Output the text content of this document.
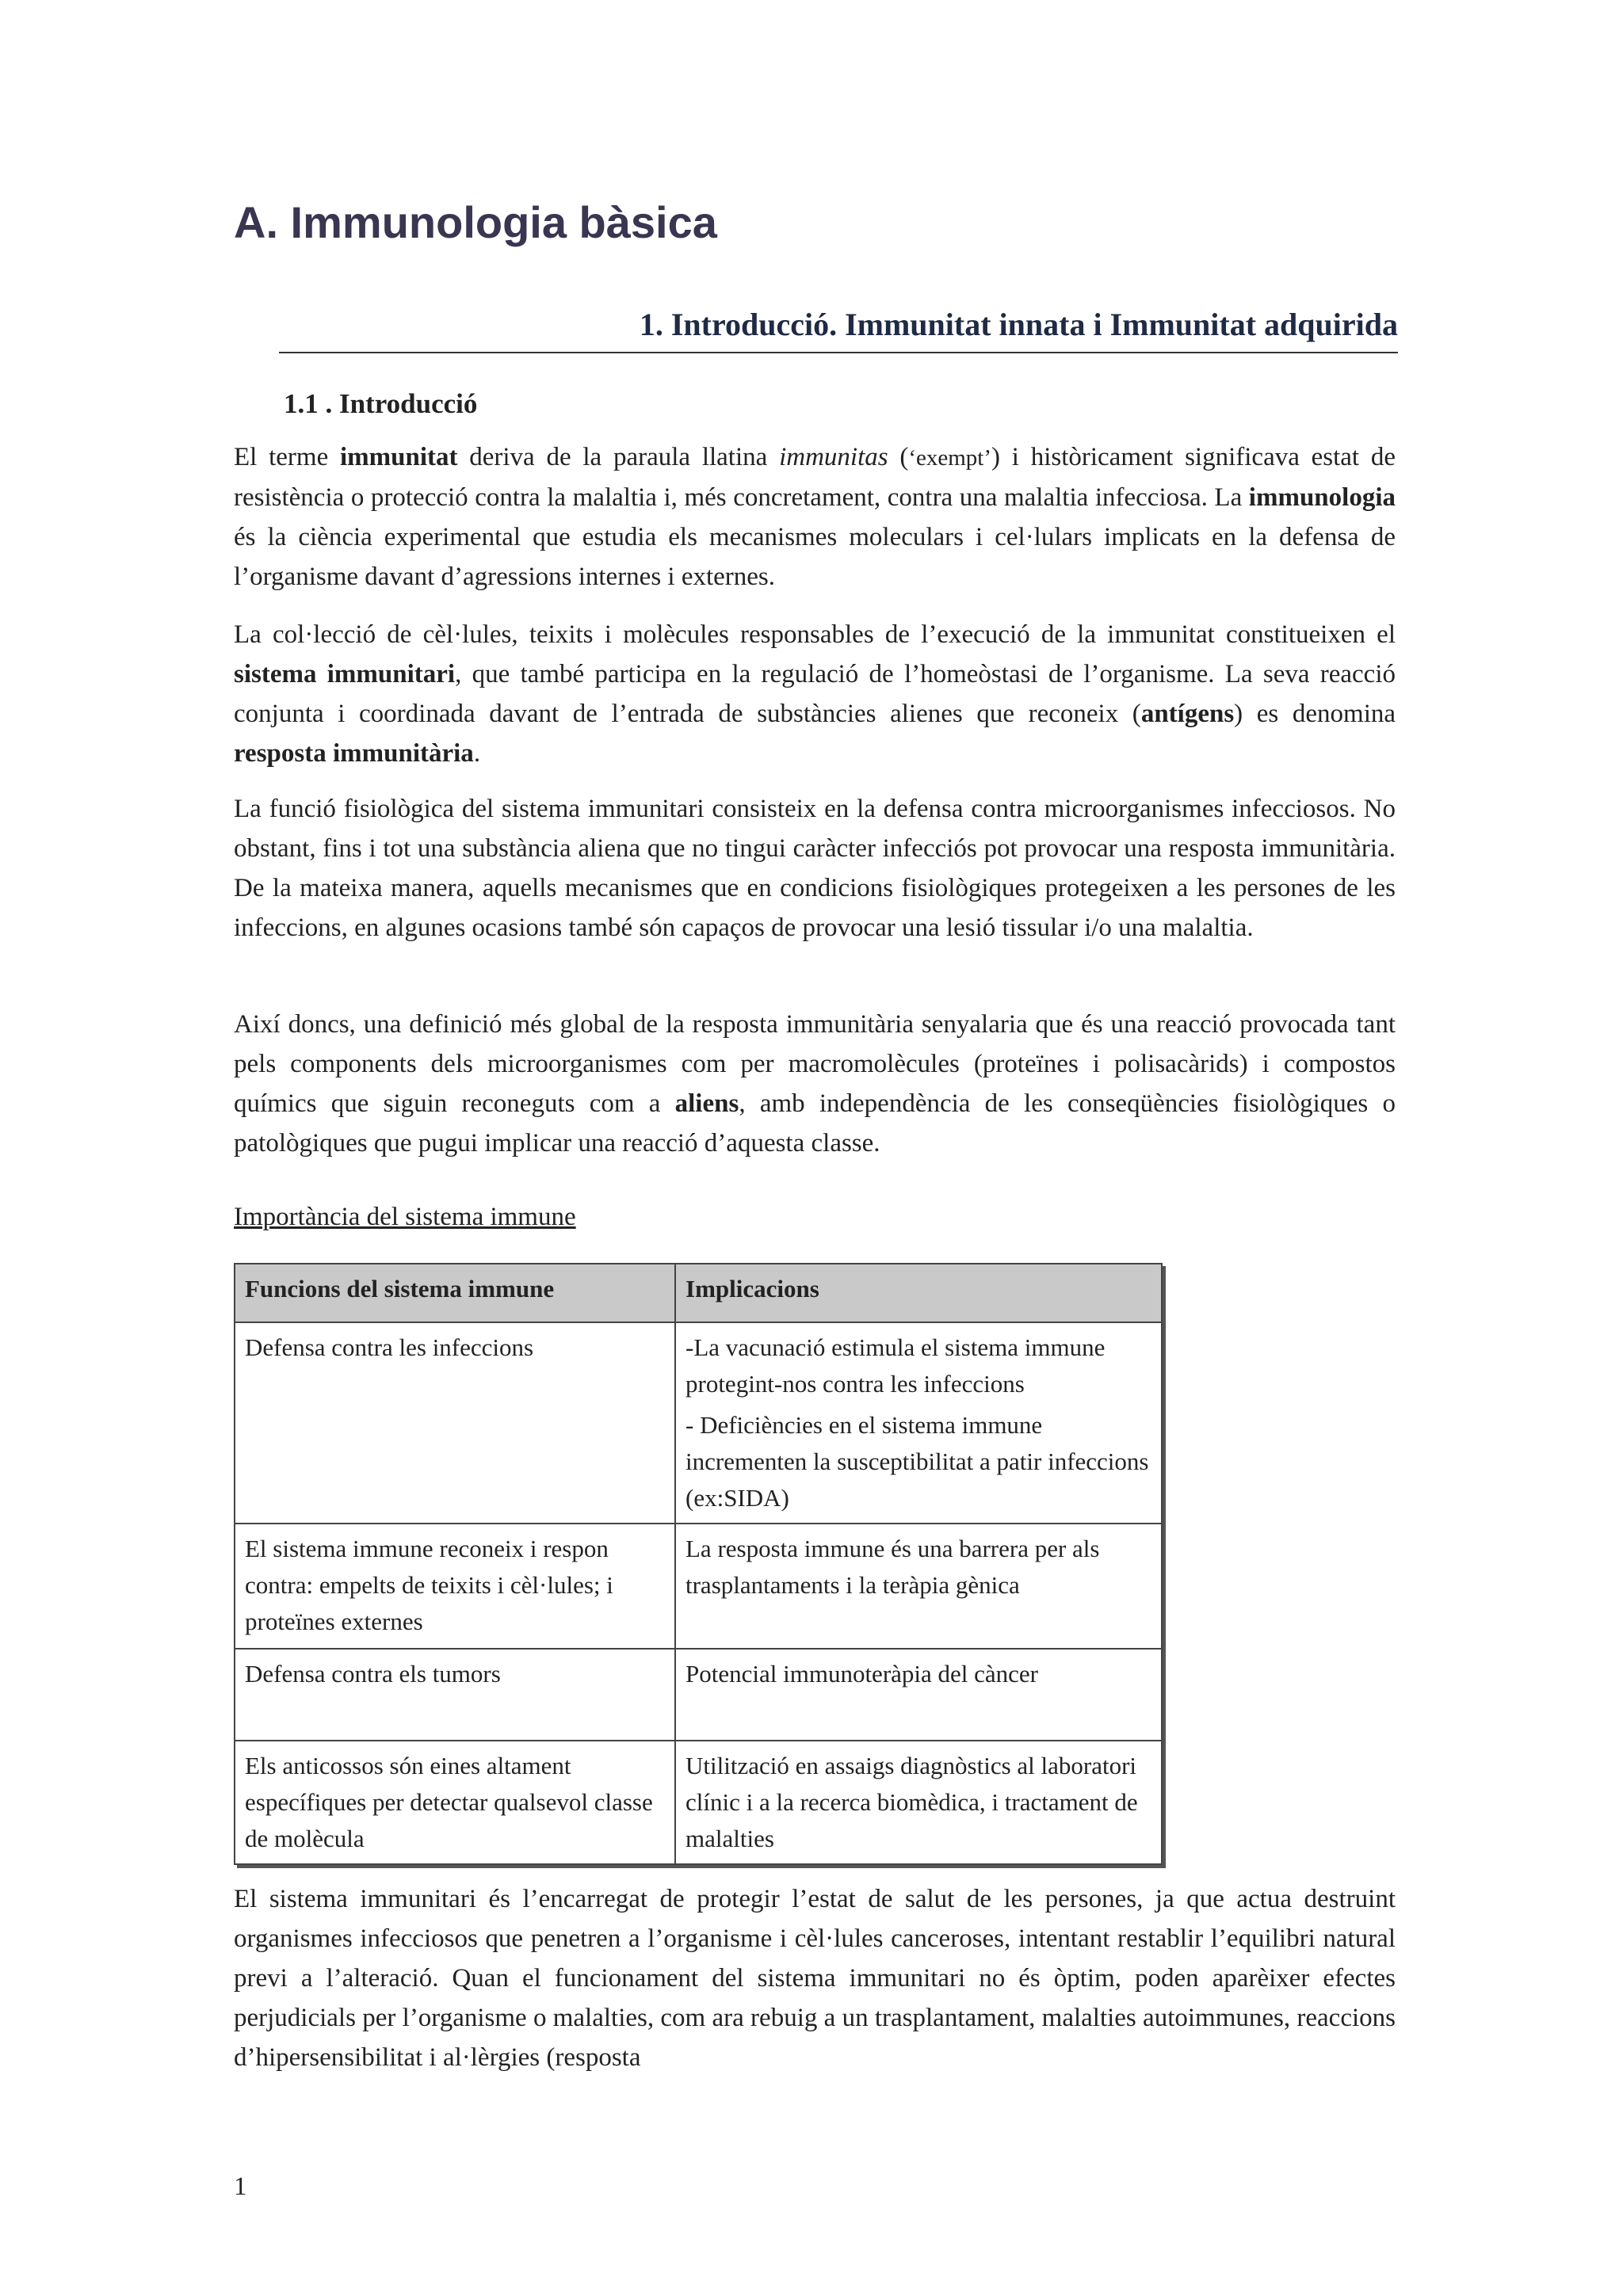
A. Immunologia bàsica
1. Introducció. Immunitat innata i Immunitat adquirida
1.1 . Introducció

El terme immunitat deriva de la paraula llatina immunitas (‘exempt’) i històricament significava estat de resistència o protecció contra la malaltia i, més concretament, contra una malaltia infecciosa. La immunologia és la ciència experimental que estudia els mecanismes moleculars i cel·lulars implicats en la defensa de l’organisme davant d’agressions internes i externes.

La col·lecció de cèl·lules, teixits i molècules responsables de l’execució de la immunitat constitueixen el sistema immunitari, que també participa en la regulació de l’homeòstasi de l’organisme. La seva reacció conjunta i coordinada davant de l’entrada de substàncies alienes que reconeix (antígens) es denomina resposta immunitària.

La funció fisiològica del sistema immunitari consisteix en la defensa contra microorganismes infecciosos. No obstant, fins i tot una substància aliena que no tingui caràcter infecciós pot provocar una resposta immunitària. De la mateixa manera, aquells mecanismes que en condicions fisiològiques protegeixen a les persones de les infeccions, en algunes ocasions també són capaços de provocar una lesió tissular i/o una malaltia.

Així doncs, una definició més global de la resposta immunitària senyalaria que és una reacció provocada tant pels components dels microorganismes com per macromolècules (proteïnes i polisacàrids) i compostos químics que siguin reconeguts com a aliens, amb independència de les conseqüències fisiològiques o patològiques que pugui implicar una reacció d’aquesta classe.

Importància del sistema immune

Funcions del sistema immune	Implicacions
Defensa contra les infeccions	-La vacunació estimula el sistema immune protegint-nos contra les infeccions
- Deficiències en el sistema immune incrementen la susceptibilitat a patir infeccions (ex:SIDA)

El sistema immune reconeix i respon contra: empelts de teixits i cèl·lules; i proteïnes externes	La resposta immune és una barrera per als trasplantaments i la teràpia gènica
Defensa contra els tumors	Potencial immunoteràpia del càncer
Els anticossos són eines altament específiques per detectar qualsevol classe de molècula	Utilització en assaigs diagnòstics al laboratori clínic i a la recerca biomèdica, i tractament de malalties

El sistema immunitari és l’encarregat de protegir l’estat de salut de les persones, ja que actua destruint organismes infecciosos que penetren a l’organisme i cèl·lules canceroses, intentant restablir l’equilibri natural previ a l’alteració. Quan el funcionament del sistema immunitari no és òptim, poden aparèixer efectes perjudicials per l’organisme o malalties, com ara rebuig a un trasplantament, malalties autoimmunes, reaccions d’hipersensibilitat i al·lèrgies (resposta

1
